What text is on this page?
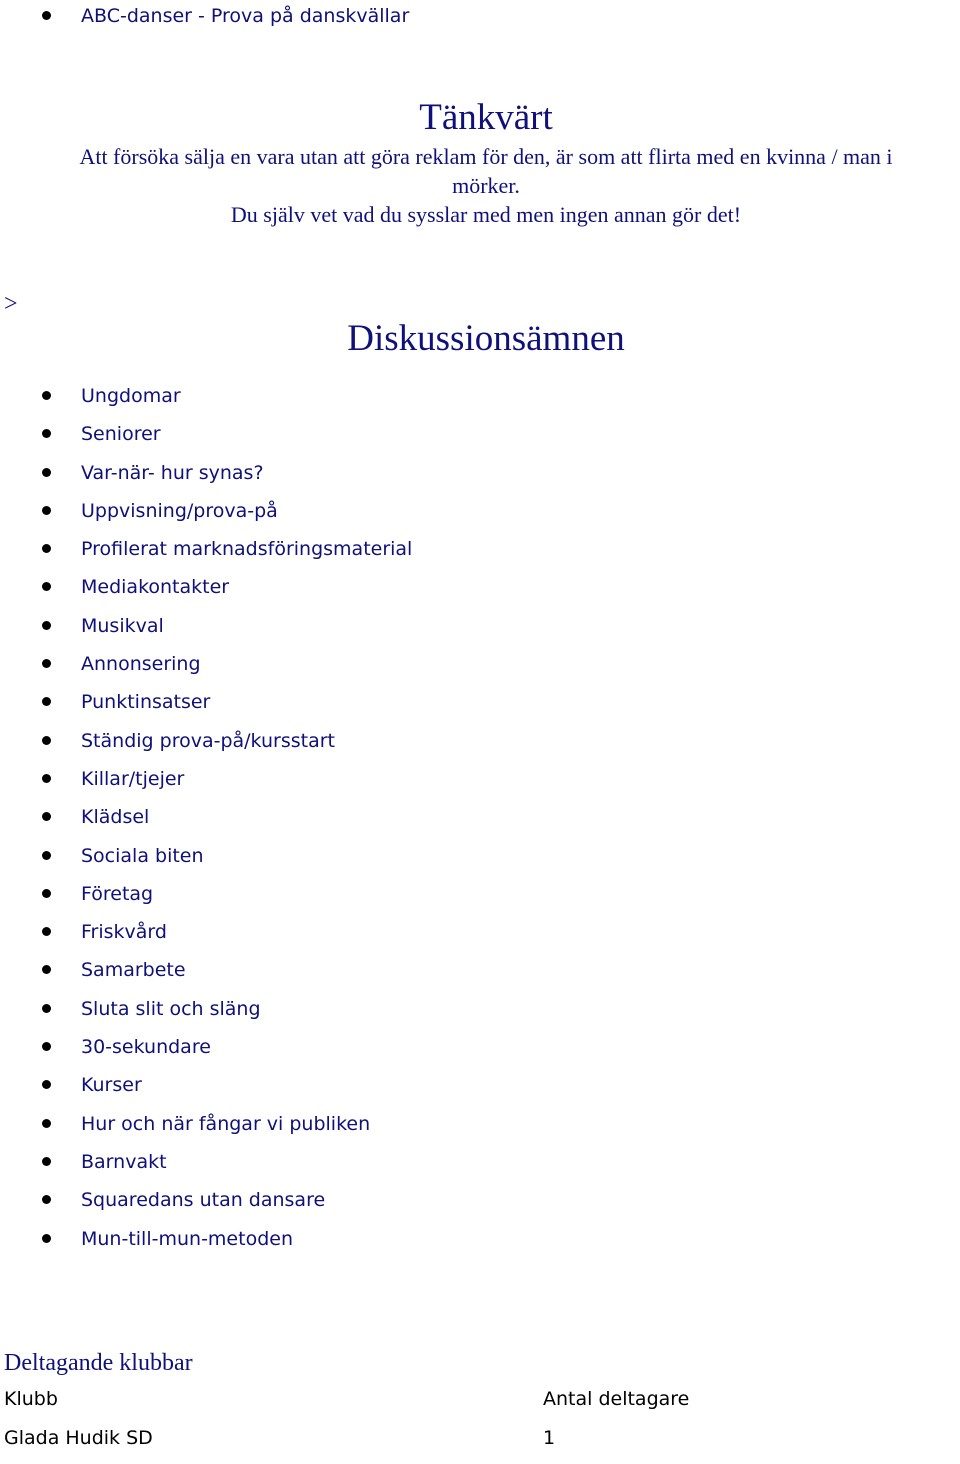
ABC-danser - Prova på danskvällar
Tänkvärt
Att försöka sälja en vara utan att göra reklam för den, är som att flirta med en kvinna / man i
mörker.
Du själv vet vad du sysslar med men ingen annan gör det!
>
Diskussionsämnen
Ungdomar
Seniorer
Var-när- hur synas?
Uppvisning/prova-på
Profilerat marknadsföringsmaterial
Mediakontakter
Musikval
Annonsering
Punktinsatser
Ständig prova-på/kursstart
Killar/tjejer
Klädsel
Sociala biten
Företag
Friskvård
Samarbete
Sluta slit och släng
30-sekundare
Kurser
Hur och när fångar vi publiken
Barnvakt
Squaredans utan dansare
Mun-till-mun-metoden
Deltagande klubbar
Klubb	Antal deltagare
Glada Hudik SD	1
